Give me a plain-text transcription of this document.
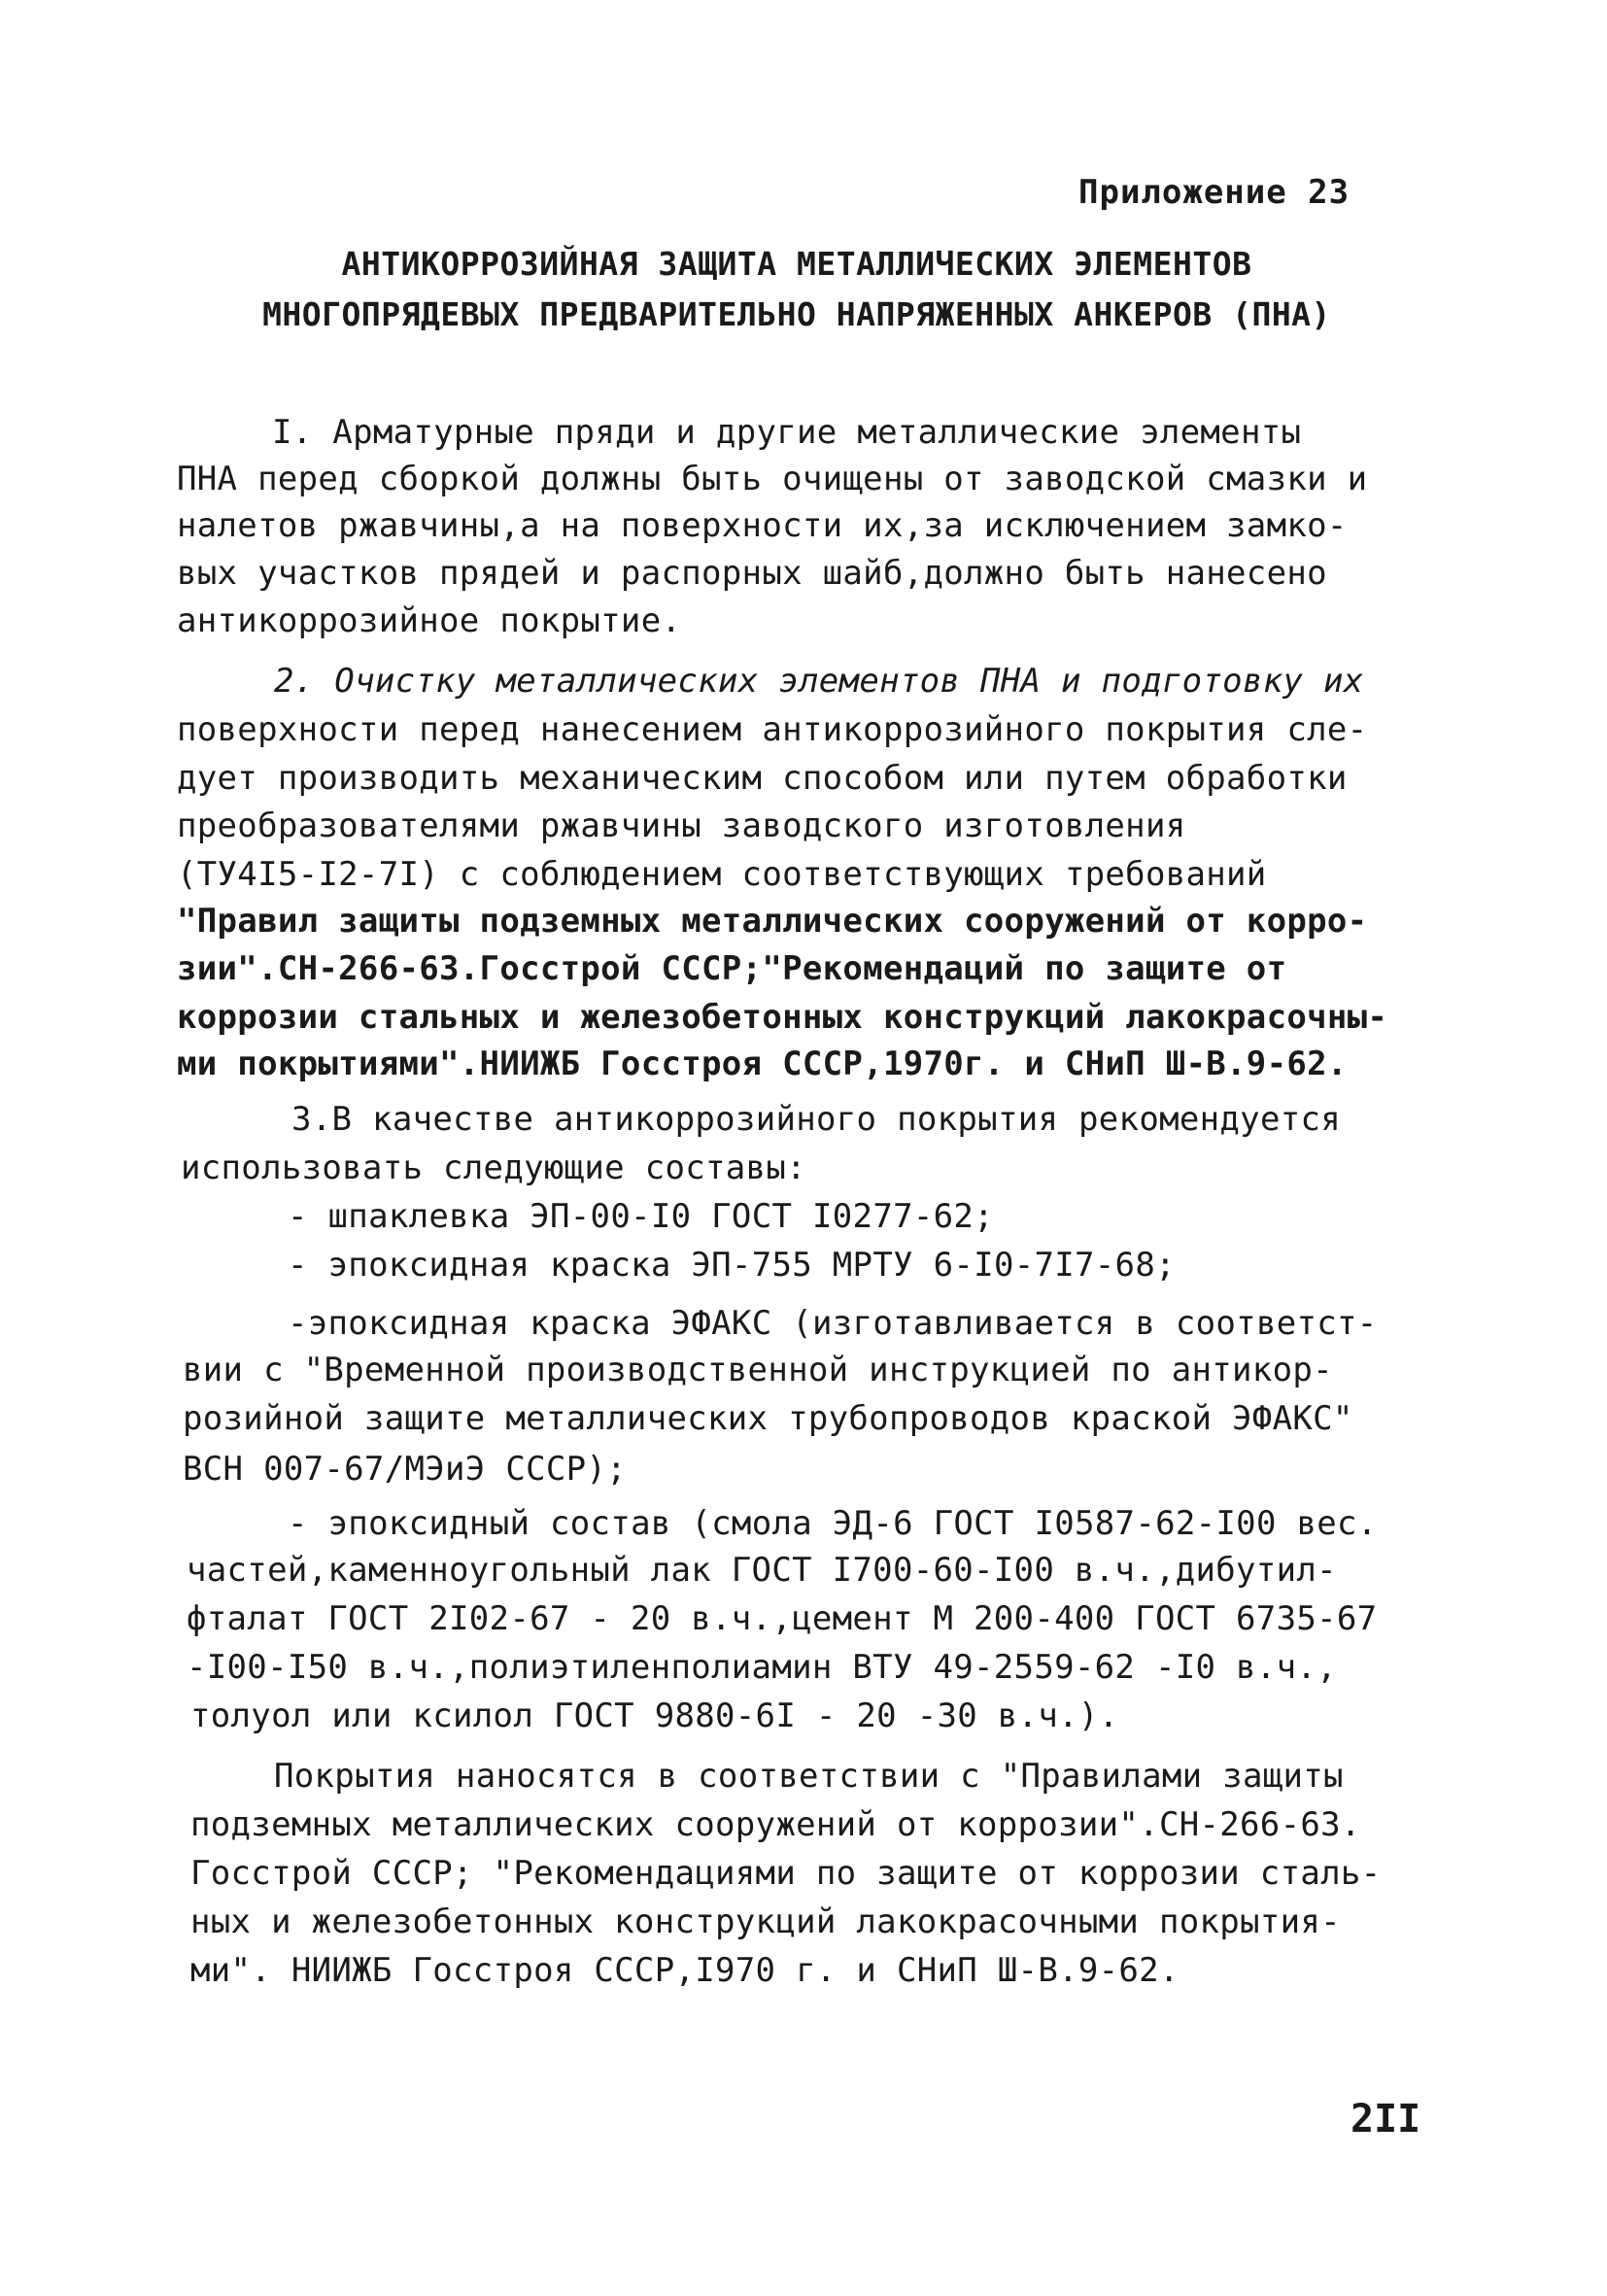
Приложение 23
АНТИКОРРОЗИЙНАЯ ЗАЩИТА МЕТАЛЛИЧЕСКИХ ЭЛЕМЕНТОВ
МНОГОПРЯДЕВЫХ ПРЕДВАРИТЕЛЬНО НАПРЯЖЕННЫХ АНКЕРОВ (ПНА)
I. Арматурные пряди и другие металлические элементы
ПНА перед сборкой должны быть очищены от заводской смазки и
налетов ржавчины,а на поверхности их,за исключением замко-
вых участков прядей и распорных шайб,должно быть нанесено
антикоррозийное покрытие.
2. Очистку металлических элементов ПНА и подготовку их
поверхности перед нанесением антикоррозийного покрытия сле-
дует производить механическим способом или путем обработки
преобразователями ржавчины заводского изготовления
(ТУ4I5-I2-7I) с соблюдением соответствующих требований
"Правил защиты подземных металлических сооружений от корро-
зии".СН-266-63.Госстрой СССР;"Рекомендаций по защите от
коррозии стальных и железобетонных конструкций лакокрасочны-
ми покрытиями".НИИЖБ Госстроя СССР,1970г. и СНиП Ш-В.9-62.
3.В качестве антикоррозийного покрытия рекомендуется
использовать следующие составы:
- шпаклевка ЭП-00-I0 ГОСТ I0277-62;
- эпоксидная краска ЭП-755 МРТУ 6-I0-7I7-68;
-эпоксидная краска ЭФАКС (изготавливается в соответст-
вии с "Временной производственной инструкцией по антикор-
розийной защите металлических трубопроводов краской ЭФАКС"
ВСН 007-67/МЭиЭ СССР);
- эпоксидный состав (смола ЭД-6 ГОСТ I0587-62-I00 вес.
частей,каменноугольный лак ГОСТ I700-60-I00 в.ч.,дибутил-
фталат ГОСТ 2I02-67 - 20 в.ч.,цемент М 200-400 ГОСТ 6735-67
-I00-I50 в.ч.,полиэтиленполиамин ВТУ 49-2559-62 -I0 в.ч.,
толуол или ксилол ГОСТ 9880-6I - 20 -30 в.ч.).
Покрытия наносятся в соответствии с "Правилами защиты
подземных металлических сооружений от коррозии".СН-266-63.
Госстрой СССР; "Рекомендациями по защите от коррозии сталь-
ных и железобетонных конструкций лакокрасочными покрытия-
ми". НИИЖБ Госстроя СССР,I970 г. и СНиП Ш-В.9-62.
2II
